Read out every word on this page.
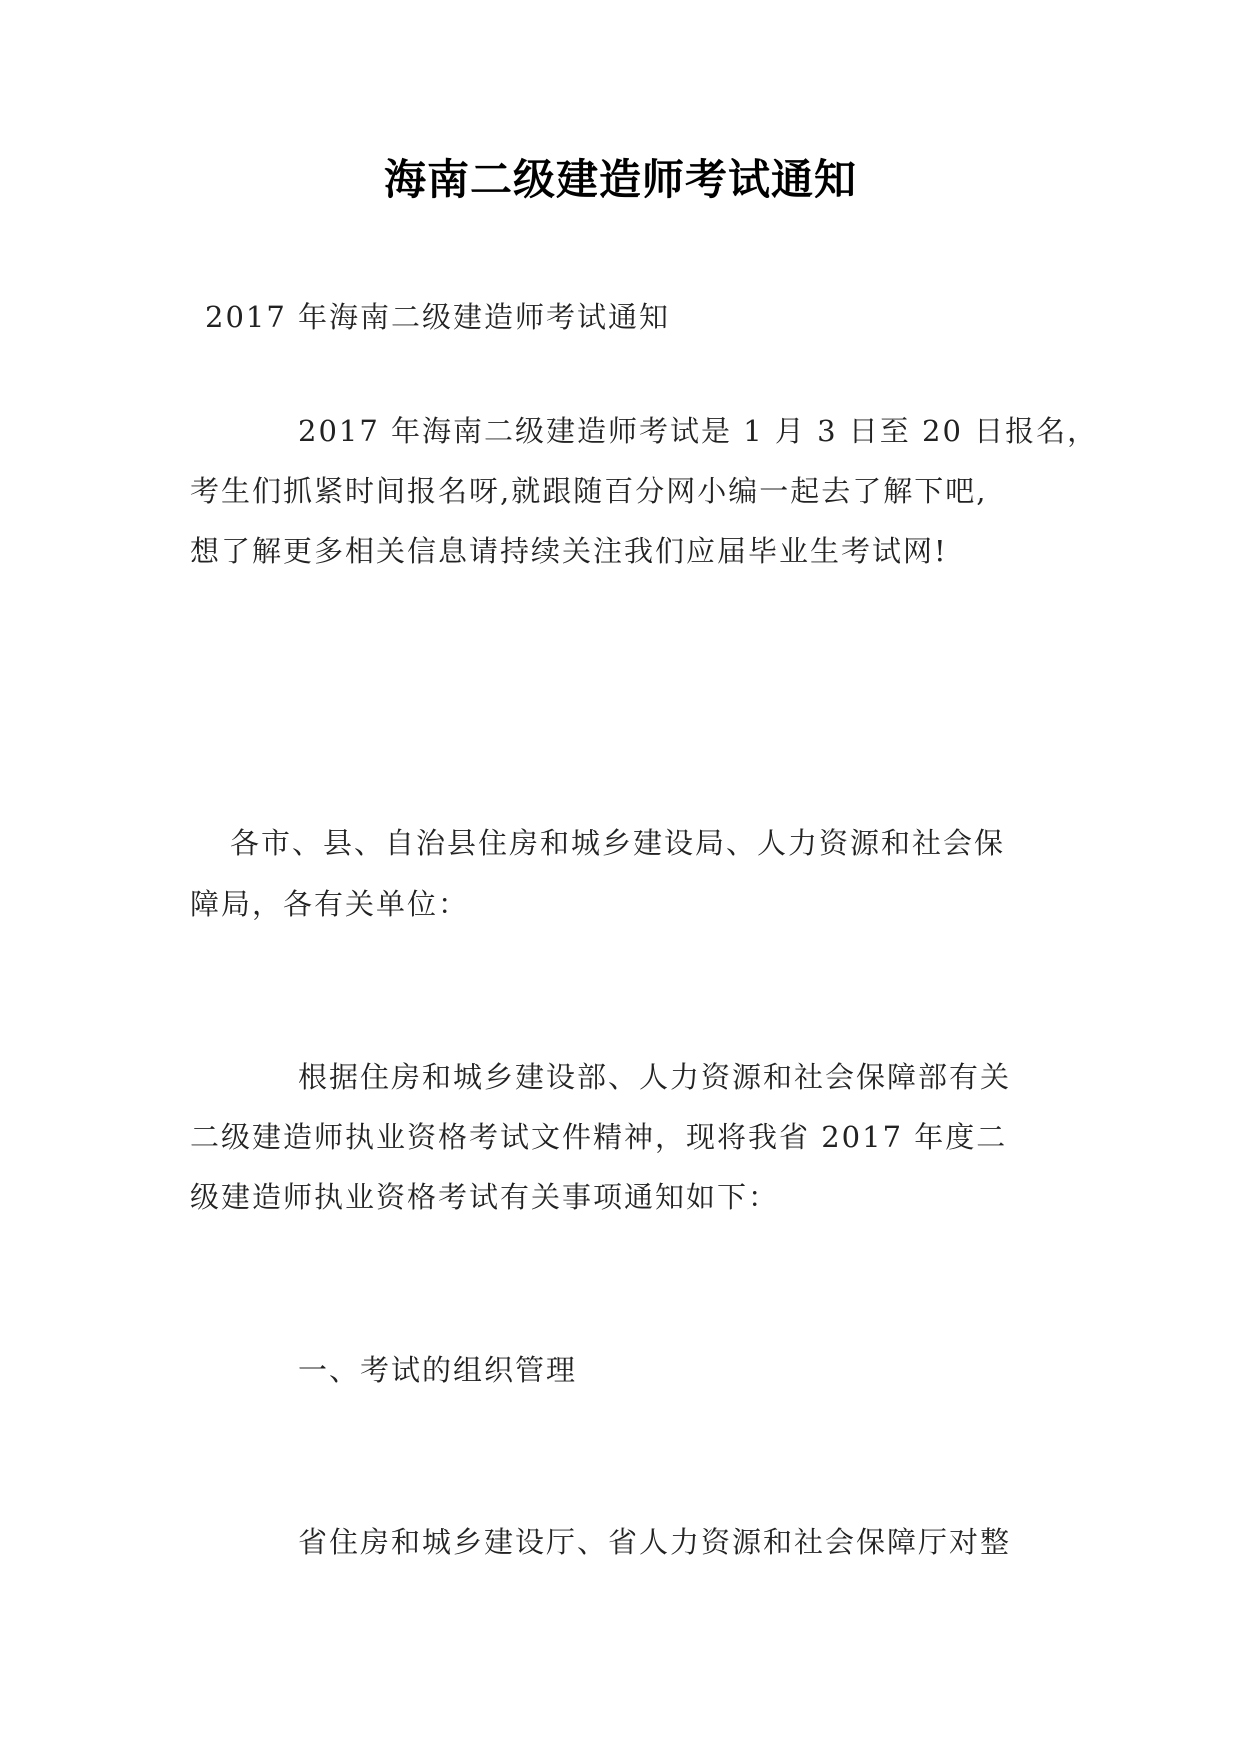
海南二级建造师考试通知
2017 年海南二级建造师考试通知
2017 年海南二级建造师考试是 1 月 3 日至 20 日报名，
考生们抓紧时间报名呀,就跟随百分网小编一起去了解下吧,
想了解更多相关信息请持续关注我们应届毕业生考试网!
各市、县、自治县住房和城乡建设局、人力资源和社会保
障局，各有关单位：
根据住房和城乡建设部、人力资源和社会保障部有关
二级建造师执业资格考试文件精神，现将我省 2017 年度二
级建造师执业资格考试有关事项通知如下：
一、考试的组织管理
省住房和城乡建设厅、省人力资源和社会保障厅对整
